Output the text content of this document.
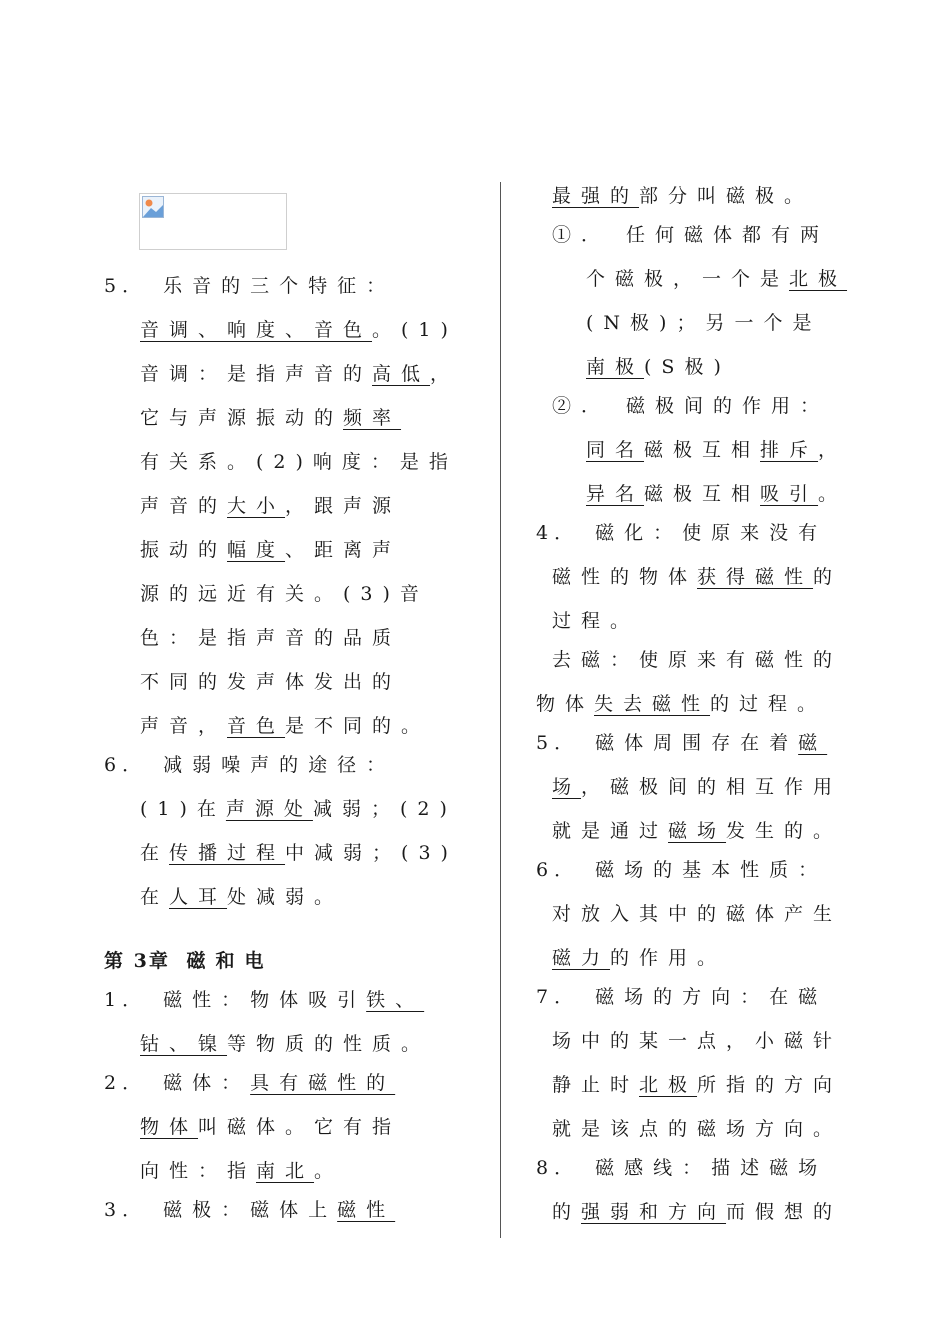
5． 乐音的三个特征：
音调、响度、音色。(1)
音调：是指声音的高低，
它与声源振动的频率
有关系。(2)响度：是指
声音的大小，跟声源
振动的幅度、距离声
源的远近有关。(3)音
色：是指声音的品质
不同的发声体发出的
声音，音色是不同的。
6． 减弱噪声的途径：
(1)在声源处减弱；(2)
在传播过程中减弱；(3)
在人耳处减弱。
第 3章 磁和电
1． 磁性：物体吸引铁、
钴、镍等物质的性质。
2． 磁体：具有磁性的
物体叫磁体。它有指
向性：指南北。
3． 磁极：磁体上磁性
最强的部分叫磁极。
①． 任何磁体都有两
个磁极，一个是北极
(N极)；另一个是
南极(S极)
②． 磁极间的作用：
同名磁极互相排斥，
异名磁极互相吸引。
4． 磁化：使原来没有
磁性的物体获得磁性的
过程。
去磁：使原来有磁性的
物体失去磁性的过程。
5． 磁体周围存在着磁
场，磁极间的相互作用
就是通过磁场发生的。
6． 磁场的基本性质：
对放入其中的磁体产生
磁力的作用。
7． 磁场的方向：在磁
场中的某一点，小磁针
静止时北极所指的方向
就是该点的磁场方向。
8． 磁感线：描述磁场
的强弱和方向而假想的
